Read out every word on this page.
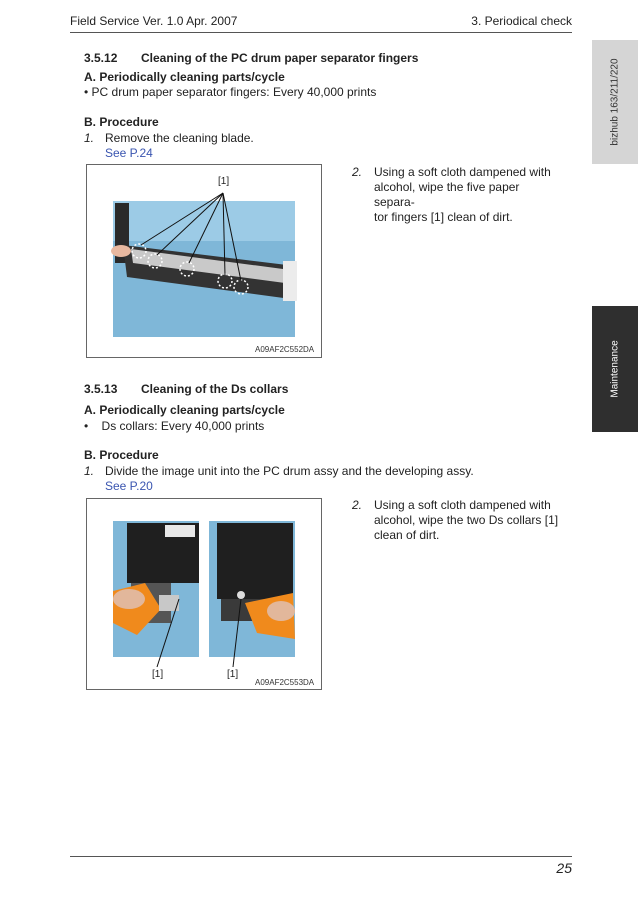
Field Service Ver. 1.0 Apr. 2007	3. Periodical check
bizhub 163/211/220
Maintenance
3.5.12 Cleaning of the PC drum paper separator fingers
A. Periodically cleaning parts/cycle
• PC drum paper separator fingers: Every 40,000 prints
B. Procedure
1. Remove the cleaning blade.
See P.24
[1]
A09AF2C552DA
2. Using a soft cloth dampened with
alcohol, wipe the five paper separa-
tor fingers [1] clean of dirt.
3.5.13 Cleaning of the Ds collars
A. Periodically cleaning parts/cycle
•    Ds collars: Every 40,000 prints
B. Procedure
1. Divide the image unit into the PC drum assy and the developing assy.
See P.20
[1]	[1]
A09AF2C553DA
2. Using a soft cloth dampened with
alcohol, wipe the two Ds collars [1]
clean of dirt.
25
